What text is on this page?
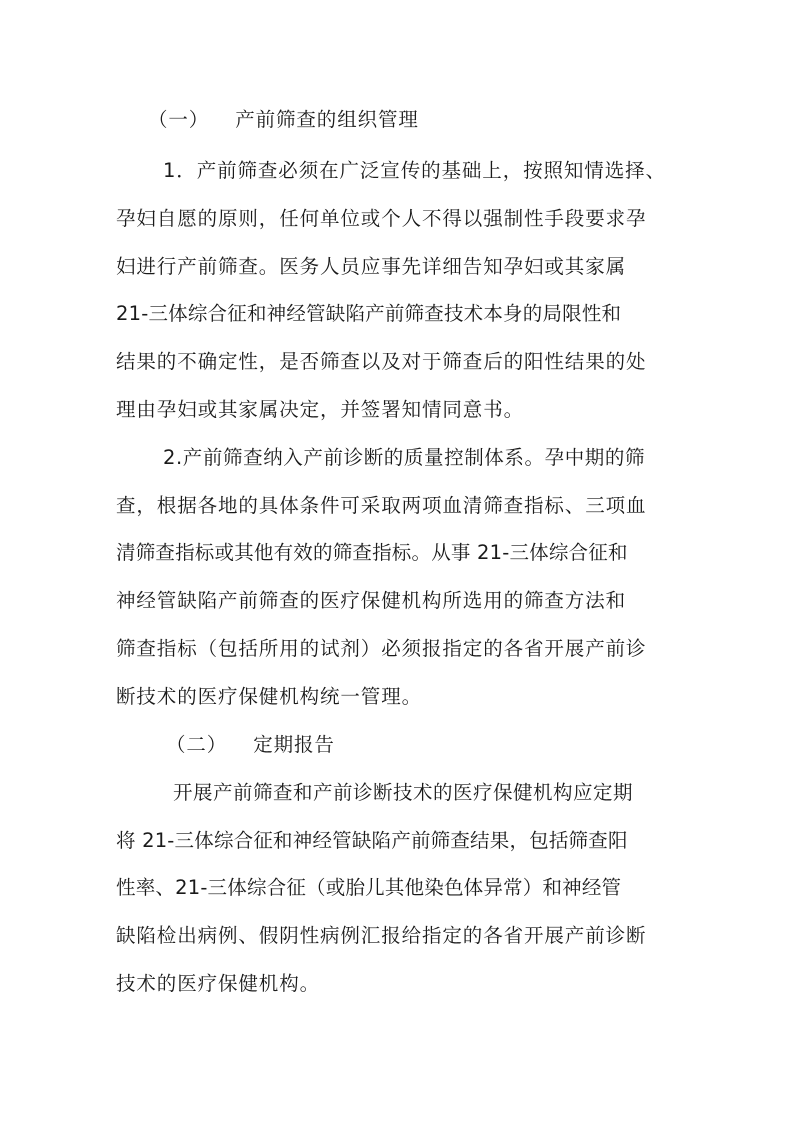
（一） 产前筛查的组织管理
1．产前筛查必须在广泛宣传的基础上，按照知情选择、
孕妇自愿的原则，任何单位或个人不得以强制性手段要求孕
妇进行产前筛查。医务人员应事先详细告知孕妇或其家属
21-三体综合征和神经管缺陷产前筛查技术本身的局限性和
结果的不确定性，是否筛查以及对于筛查后的阳性结果的处
理由孕妇或其家属决定，并签署知情同意书。
2.产前筛查纳入产前诊断的质量控制体系。孕中期的筛
查，根据各地的具体条件可采取两项血清筛查指标、三项血
清筛查指标或其他有效的筛查指标。从事 21-三体综合征和
神经管缺陷产前筛查的医疗保健机构所选用的筛查方法和
筛查指标（包括所用的试剂）必须报指定的各省开展产前诊
断技术的医疗保健机构统一管理。
（二） 定期报告
开展产前筛查和产前诊断技术的医疗保健机构应定期
将 21-三体综合征和神经管缺陷产前筛查结果，包括筛查阳
性率、21-三体综合征（或胎儿其他染色体异常）和神经管
缺陷检出病例、假阴性病例汇报给指定的各省开展产前诊断
技术的医疗保健机构。
